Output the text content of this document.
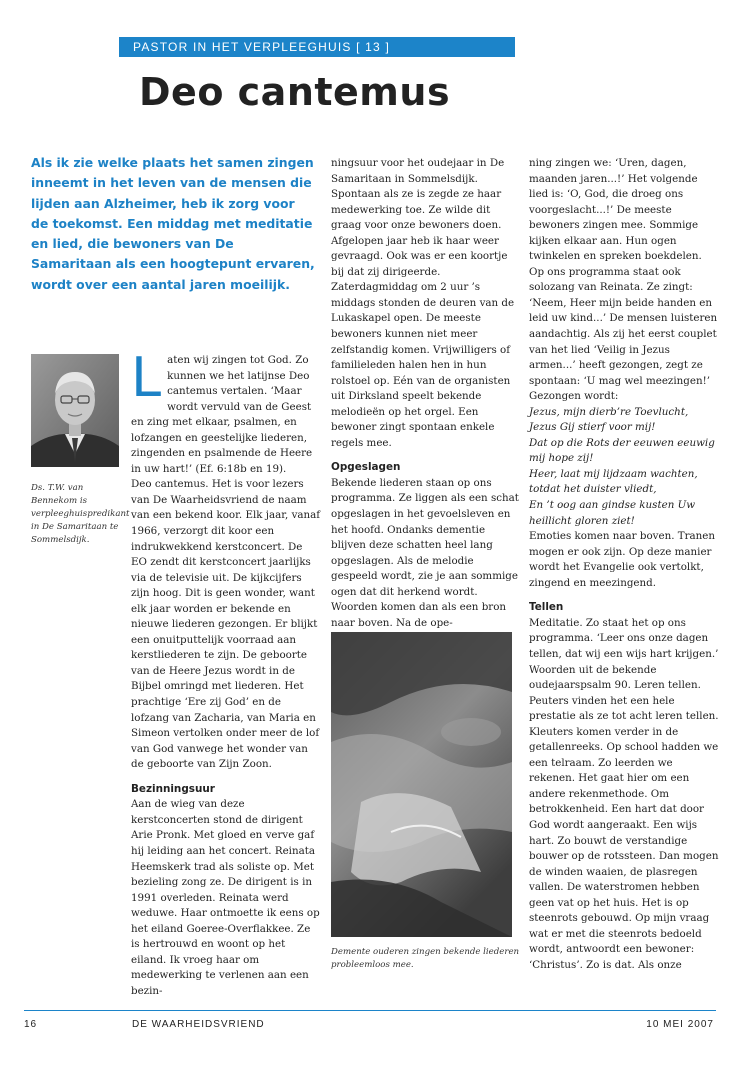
PASTOR IN HET VERPLEEGHUIS [ 13 ]
Deo cantemus
Als ik zie welke plaats het samen zingen inneemt in het leven van de mensen die lijden aan Alzheimer, heb ik zorg voor de toekomst. Een middag met meditatie en lied, die bewoners van De Samaritaan als een hoogtepunt ervaren, wordt over een aantal jaren moeilijk.
Ds. T.W. van Bennekom is verpleeghuispredikant in De Samaritaan te Sommelsdijk.
L aten wij zingen tot God. Zo kunnen we het latijnse Deo cantemus vertalen. ‘Maar wordt vervuld van de Geest en zing met elkaar, psalmen, en lofzangen en geestelijke liederen, zingenden en psalmende de Heere in uw hart!’ (Ef. 6:18b en 19).

Deo cantemus. Het is voor lezers van De Waarheidsvriend de naam van een bekend koor. Elk jaar, vanaf 1966, verzorgt dit koor een indrukwekkend kerstconcert. De EO zendt dit kerstconcert jaarlijks via de televisie uit. De kijkcijfers zijn hoog. Dit is geen wonder, want elk jaar worden er bekende en nieuwe liederen gezongen. Er blijkt een onuitputtelijk voorraad aan kerstliederen te zijn. De geboorte van de Heere Jezus wordt in de Bijbel omringd met liederen. Het prachtige ‘Ere zij God’ en de lofzang van Zacharia, van Maria en Simeon vertolken onder meer de lof van God vanwege het wonder van de geboorte van Zijn Zoon.

Bezinningsuur

Aan de wieg van deze kerstconcerten stond de dirigent Arie Pronk. Met gloed en verve gaf hij leiding aan het concert. Reinata Heemskerk trad als soliste op. Met bezieling zong ze. De dirigent is in 1991 overleden. Reinata werd weduwe. Haar ontmoette ik eens op het eiland Goeree-Overflakkee. Ze is hertrouwd en woont op het eiland. Ik vroeg haar om medewerking te verlenen aan een bezin-

ningsuur voor het oudejaar in De Samaritaan in Sommelsdijk. Spontaan als ze is zegde ze haar medewerking toe. Ze wilde dit graag voor onze bewoners doen. Afgelopen jaar heb ik haar weer gevraagd. Ook was er een koortje bij dat zij dirigeerde.

Zaterdagmiddag om 2 uur ’s middags stonden de deuren van de Lukaskapel open. De meeste bewoners kunnen niet meer zelfstandig komen. Vrijwilligers of familieleden halen hen in hun rolstoel op. Eén van de organisten uit Dirksland speelt bekende melodieën op het orgel. Een bewoner zingt spontaan enkele regels mee.

Opgeslagen

Bekende liederen staan op ons programma. Ze liggen als een schat opgeslagen in het gevoelsleven en het hoofd. Ondanks dementie blijven deze schatten heel lang opgeslagen. Als de melodie gespeeld wordt, zie je aan sommige ogen dat dit herkend wordt. Woorden komen dan als een bron naar boven. Na de ope-

Demente ouderen zingen bekende liederen probleemloos mee.

ning zingen we: ‘Uren, dagen, maanden jaren...!’ Het volgende lied is: ‘O, God, die droeg ons voorgeslacht...!’ De meeste bewoners zingen mee. Sommige kijken elkaar aan. Hun ogen twinkelen en spreken boekdelen.

Op ons programma staat ook solozang van Reinata. Ze zingt: ‘Neem, Heer mijn beide handen en leid uw kind...’ De mensen luisteren aandachtig. Als zij het eerst couplet van het lied ‘Veilig in Jezus armen...’ heeft gezongen, zegt ze spontaan: ‘U mag wel meezingen!’

Gezongen wordt:

Jezus, mijn dierb’re Toevlucht, Jezus Gij stierf voor mij!

Dat op die Rots der eeuwen eeuwig mij hope zij!

Heer, laat mij lijdzaam wachten, totdat het duister vliedt,

En ’t oog aan gindse kusten Uw heillicht gloren ziet!

Emoties komen naar boven. Tranen mogen er ook zijn. Op deze manier wordt het Evangelie ook vertolkt, zingend en meezingend.

Tellen

Meditatie. Zo staat het op ons programma. ‘Leer ons onze dagen tellen, dat wij een wijs hart krijgen.’ Woorden uit de bekende oudejaarspsalm 90. Leren tellen. Peuters vinden het een hele prestatie als ze tot acht leren tellen. Kleuters komen verder in de getallenreeks. Op school hadden we een telraam. Zo leerden we rekenen. Het gaat hier om een andere rekenmethode. Om betrokkenheid. Een hart dat door God wordt aangeraakt. Een wijs hart. Zo bouwt de verstandige bouwer op de rotssteen. Dan mogen de winden waaien, de plasregen vallen. De waterstromen hebben geen vat op het huis. Het is op steenrots gebouwd. Op mijn vraag wat er met die steenrots bedoeld wordt, antwoordt een bewoner: ‘Christus’. Zo is dat. Als onze

16	DE WAARHEIDSVRIEND	10 MEI 2007
